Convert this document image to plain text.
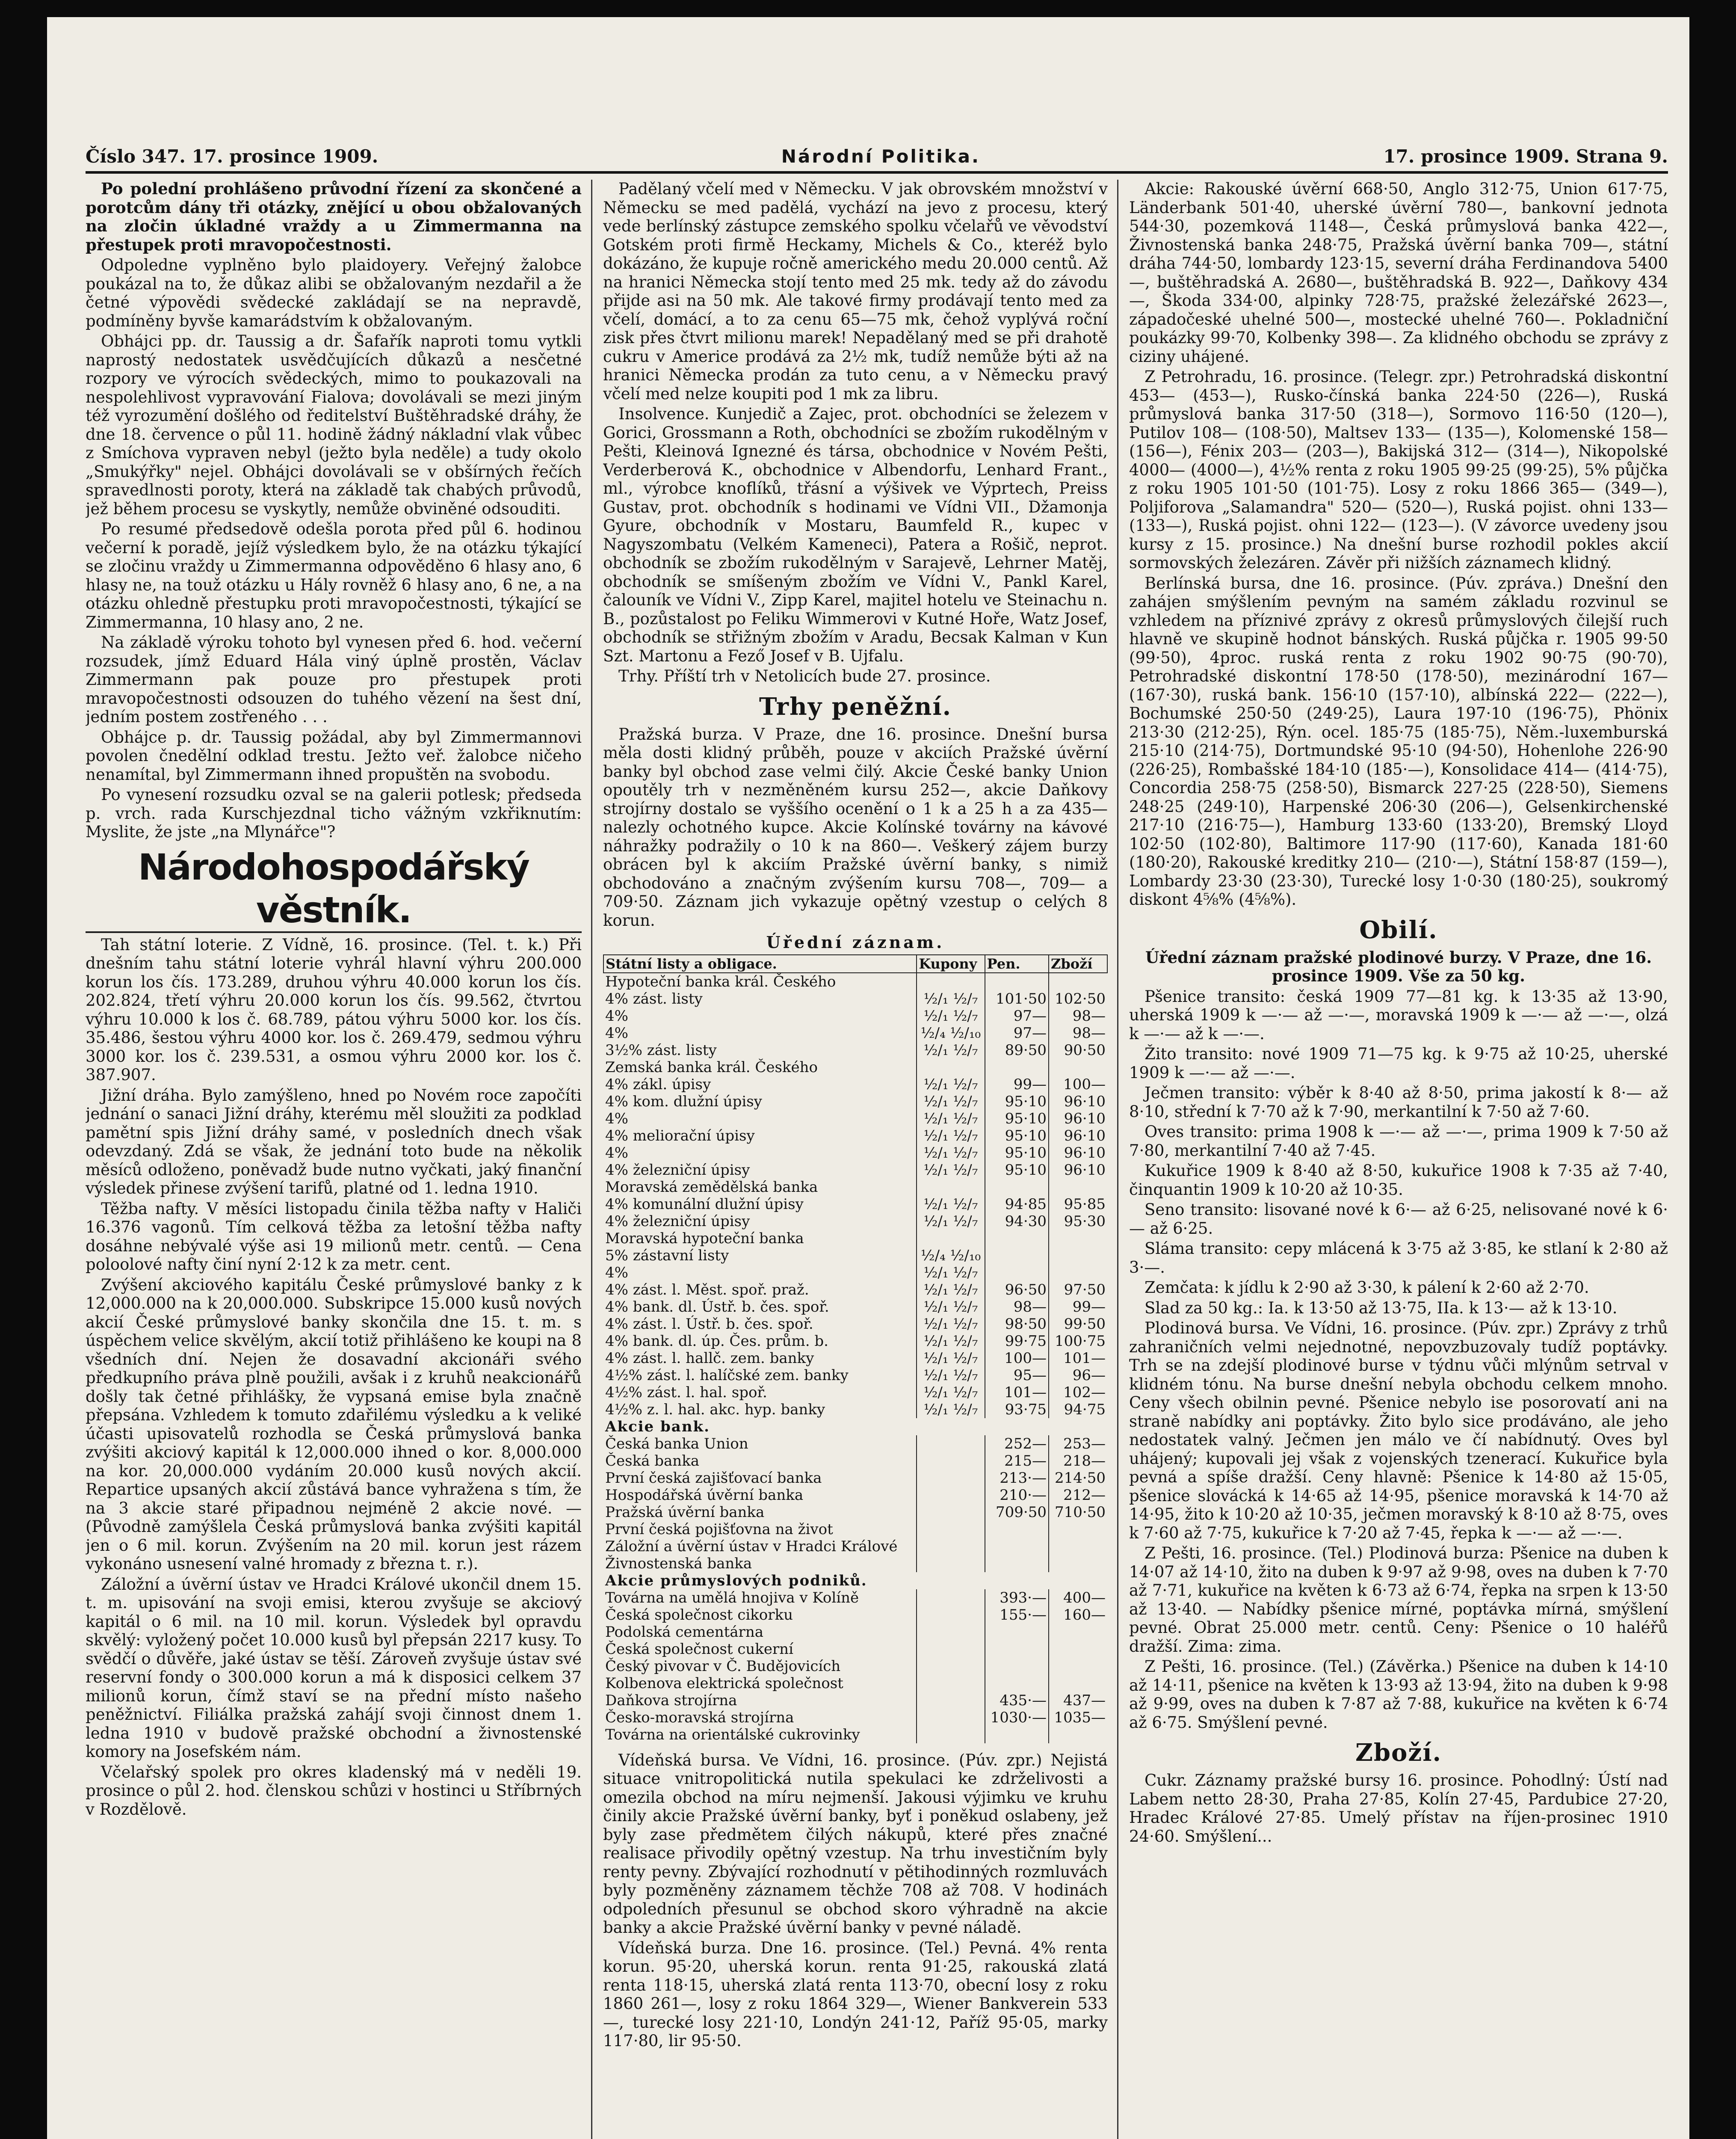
Číslo 347. 17. prosince 1909.	Národní Politika.	17. prosince 1909. Strana 9.

Po polední prohlášeno průvodní řízení za skončené a porotcům dány tři otázky, znějící u obou obžalovaných na zločin úkladné vraždy a u Zimmermanna na přestupek proti mravopočestnosti.

Odpoledne vyplněno bylo plaidoyery. Veřejný žalobce poukázal na to, že důkaz alibi se obžalovaným nezdařil a že četné výpovědi svědecké zakládají se na nepravdě, podmíněny byvše kamarádstvím k obžalovaným.

Obhájci pp. dr. Taussig a dr. Šafařík naproti tomu vytkli naprostý nedostatek usvědčujících důkazů a nesčetné rozpory ve výrocích svědeckých, mimo to poukazovali na nespolehlivost vypravování Fialova; dovolávali se mezi jiným též vyrozumění došlého od ředitelství Buštěhradské dráhy, že dne 18. července o půl 11. hodině žádný nákladní vlak vůbec z Smíchova vypraven nebyl (ježto byla neděle) a tudy okolo „Smukýřky" nejel. Obhájci dovolávali se v obšírných řečích spravedlnosti poroty, která na základě tak chabých průvodů, jež během procesu se vyskytly, nemůže obviněné odsouditi.

Po resumé předsedově odešla porota před půl 6. hodinou večerní k poradě, jejíž výsledkem bylo, že na otázku týkající se zločinu vraždy u Zimmermanna odpověděno 6 hlasy ano, 6 hlasy ne, na touž otázku u Hály rovněž 6 hlasy ano, 6 ne, a na otázku ohledně přestupku proti mravopočestnosti, týkající se Zimmermanna, 10 hlasy ano, 2 ne.

Na základě výroku tohoto byl vynesen před 6. hod. večerní rozsudek, jímž Eduard Hála viný úplně prostěn, Václav Zimmermann pak pouze pro přestupek proti mravopočestnosti odsouzen do tuhého vězení na šest dní, jedním postem zostřeného . . .

Obhájce p. dr. Taussig požádal, aby byl Zimmermannovi povolen čnedělní odklad trestu. Ježto veř. žalobce ničeho nenamítal, byl Zimmermann ihned propuštěn na svobodu.

Po vynesení rozsudku ozval se na galerii potlesk; předseda p. vrch. rada Kurschjezdnal ticho vážným vzkřiknutím: Myslite, že jste „na Mlynářce"?

Národohospodářský věstník.

Tah státní loterie. Z Vídně, 16. prosince. (Tel. t. k.) Při dnešním tahu státní loterie vyhrál hlavní výhru 200.000 korun los čís. 173.289, druhou výhru 40.000 korun los čís. 202.824, třetí výhru 20.000 korun los čís. 99.562, čtvrtou výhru 10.000 k los č. 68.789, pátou výhru 5000 kor. los čís. 35.486, šestou výhru 4000 kor. los č. 269.479, sedmou výhru 3000 kor. los č. 239.531, a osmou výhru 2000 kor. los č. 387.907.

Jižní dráha. Bylo zamýšleno, hned po Novém roce započíti jednání o sanaci Jižní dráhy, kterému měl sloužiti za podklad pamětní spis Jižní dráhy samé, v posledních dnech však odevzdaný. Zdá se však, že jednání toto bude na několik měsíců odloženo, poněvadž bude nutno vyčkati, jaký finanční výsledek přinese zvýšení tarifů, platné od 1. ledna 1910.

Těžba nafty. V měsíci listopadu činila těžba nafty v Haliči 16.376 vagonů. Tím celková těžba za letošní těžba nafty dosáhne nebývalé výše asi 19 milionů metr. centů. — Cena poloolové nafty činí nyní 2·12 k za metr. cent.

Zvýšení akciového kapitálu České průmyslové banky z k 12,000.000 na k 20,000.000. Subskripce 15.000 kusů nových akcií České průmyslové banky skončila dne 15. t. m. s úspěchem velice skvělým, akcií totiž přihlášeno ke koupi na 8 všedních dní. Nejen že dosavadní akcionáři svého předkupního práva plně použili, avšak i z kruhů neakcionářů došly tak četné přihlášky, že vypsaná emise byla značně přepsána. Vzhledem k tomuto zdařilému výsledku a k veliké účasti upisovatelů rozhodla se Česká průmyslová banka zvýšiti akciový kapitál k 12,000.000 ihned o kor. 8,000.000 na kor. 20,000.000 vydáním 20.000 kusů nových akcií. Repartice upsaných akcií zůstává bance vyhražena s tím, že na 3 akcie staré připadnou nejméně 2 akcie nové. — (Původně zamýšlela Česká průmyslová banka zvýšiti kapitál jen o 6 mil. korun. Zvýšením na 20 mil. korun jest rázem vykonáno usnesení valné hromady z března t. r.).

Záložní a úvěrní ústav ve Hradci Králové ukončil dnem 15. t. m. upisování na svoji emisi, kterou zvyšuje se akciový kapitál o 6 mil. na 10 mil. korun. Výsledek byl opravdu skvělý: vyložený počet 10.000 kusů byl přepsán 2217 kusy. To svědčí o důvěře, jaké ústav se těší. Zároveň zvyšuje ústav své reservní fondy o 300.000 korun a má k disposici celkem 37 milionů korun, čímž staví se na přední místo našeho peněžnictví. Filiálka pražská zahájí svoji činnost dnem 1. ledna 1910 v budově pražské obchodní a živnostenské komory na Josefském nám.

Včelařský spolek pro okres kladenský má v neděli 19. prosince o půl 2. hod. členskou schůzi v hostinci u Stříbrných v Rozdělově.

Padělaný včelí med v Německu. V jak obrovském množství v Německu se med padělá, vychází na jevo z procesu, který vede berlínský zástupce zemského spolku včelařů ve věvodství Gotském proti firmě Heckamy, Michels & Co., kteréž bylo dokázáno, že kupuje ročně amerického medu 20.000 centů. Až na hranici Německa stojí tento med 25 mk. tedy až do závodu přijde asi na 50 mk. Ale takové firmy prodávají tento med za včelí, domácí, a to za cenu 65—75 mk, čehož vyplývá roční zisk přes čtvrt milionu marek! Nepadělaný med se při drahotě cukru v Americe prodává za 2½ mk, tudíž nemůže býti až na hranici Německa prodán za tuto cenu, a v Německu pravý včelí med nelze koupiti pod 1 mk za libru.

Insolvence. Kunjedič a Zajec, prot. obchodníci se železem v Gorici, Grossmann a Roth, obchodníci se zbožím rukodělným v Pešti, Kleinová Ignezné és társa, obchodnice v Novém Pešti, Verderberová K., obchodnice v Albendorfu, Lenhard Frant., ml., výrobce knoflíků, třásní a výšivek ve Výprtech, Preiss Gustav, prot. obchodník s hodinami ve Vídni VII., Džamonja Gyure, obchodník v Mostaru, Baumfeld R., kupec v Nagyszombatu (Velkém Kameneci), Patera a Rošič, neprot. obchodník se zbožím rukodělným v Sarajevě, Lehrner Matěj, obchodník se smíšeným zbožím ve Vídni V., Pankl Karel, čalouník ve Vídni V., Zipp Karel, majitel hotelu ve Steinachu n. B., pozůstalost po Feliku Wimmerovi v Kutné Hoře, Watz Josef, obchodník se střižným zbožím v Aradu, Becsak Kalman v Kun Szt. Martonu a Fező Josef v B. Ujfalu.

Trhy. Příští trh v Netolicích bude 27. prosince.

Trhy peněžní.

Pražská burza. V Praze, dne 16. prosince. Dnešní bursa měla dosti klidný průběh, pouze v akciích Pražské úvěrní banky byl obchod zase velmi čilý. Akcie České banky Union opoutěly trh v nezměněném kursu 252—, akcie Daňkovy strojírny dostalo se vyššího ocenění o 1 k a 25 h a za 435— nalezly ochotného kupce. Akcie Kolínské továrny na kávové náhražky podražily o 10 k na 860—. Veškerý zájem burzy obrácen byl k akciím Pražské úvěrní banky, s nimiž obchodováno a značným zvýšením kursu 708—, 709— a 709·50. Záznam jich vykazuje opětný vzestup o celých 8 korun.

Úřední záznam.
Státní listy a obligace.	Kupony	Pen.	Zboží
Hypoteční banka král. Českého			
4% zást. listy	½/₁ ½/₇	101·50	102·50
4%	½/₁ ½/₇	97—	98—
4%	½/₄ ½/₁₀	97—	98—
3½% zást. listy	½/₁ ½/₇	89·50	90·50
Zemská banka král. Českého			
4% zákl. úpisy	½/₁ ½/₇	99—	100—
4% kom. dlužní úpisy	½/₁ ½/₇	95·10	96·10
4%	½/₁ ½/₇	95·10	96·10
4% meliorační úpisy	½/₁ ½/₇	95·10	96·10
4%	½/₁ ½/₇	95·10	96·10
4% železniční úpisy	½/₁ ½/₇	95·10	96·10
Moravská zemědělská banka			
4% komunální dlužní úpisy	½/₁ ½/₇	94·85	95·85
4% železniční úpisy	½/₁ ½/₇	94·30	95·30
Moravská hypoteční banka			
5% zástavní listy	½/₄ ½/₁₀		
4%	½/₁ ½/₇		
4% zást. l. Měst. spoř. praž.	½/₁ ½/₇	96·50	97·50
4% bank. dl. Ústř. b. čes. spoř.	½/₁ ½/₇	98—	99—
4% zást. l. Ústř. b. čes. spoř.	½/₁ ½/₇	98·50	99·50
4% bank. dl. úp. Čes. prům. b.	½/₁ ½/₇	99·75	100·75
4% zást. l. hallč. zem. banky	½/₁ ½/₇	100—	101—
4½% zást. l. halíčské zem. banky	½/₁ ½/₇	95—	96—
4½% zást. l. hal. spoř.	½/₁ ½/₇	101—	102—
4½% z. l. hal. akc. hyp. banky	½/₁ ½/₇	93·75	94·75
Akcie bank.			
Česká banka Union		252—	253—
Česká banka		215—	218—
První česká zajišťovací banka		213·—	214·50
Hospodářská úvěrní banka		210·—	212—
Pražská úvěrní banka		709·50	710·50
První česká pojišťovna na život			
Záložní a úvěrní ústav v Hradci Králové			
Živnostenská banka			
Akcie průmyslových podniků.			
Továrna na umělá hnojiva v Kolíně		393·—	400—
Česká společnost cikorku		155·—	160—
Podolská cementárna			
Česká společnost cukerní			
Český pivovar v Č. Budějovicích			
Kolbenova elektrická společnost			
Daňkova strojírna		435·—	437—
Česko-moravská strojírna		1030·—	1035—
Továrna na orientálské cukrovinky			

Vídeňská bursa. Ve Vídni, 16. prosince. (Púv. zpr.) Nejistá situace vnitropolitická nutila spekulaci ke zdrželivosti a omezila obchod na míru nejmenší. Jakousi výjimku ve kruhu činily akcie Pražské úvěrní banky, byť i poněkud oslabeny, jež byly zase předmětem čilých nákupů, které přes značné realisace přivodily opětný vzestup. Na trhu investičním byly renty pevny. Zbývající rozhodnutí v pětihodinných rozmluvách byly pozměněny záznamem těchže 708 až 708. V hodinách odpoledních přesunul se obchod skoro výhradně na akcie banky a akcie Pražské úvěrní banky v pevné náladě.

Vídeňská burza. Dne 16. prosince. (Tel.) Pevná. 4% renta korun. 95·20, uherská korun. renta 91·25, rakouská zlatá renta 118·15, uherská zlatá renta 113·70, obecní losy z roku 1860 261—, losy z roku 1864 329—, Wiener Bankverein 533—, turecké losy 221·10, Londýn 241·12, Paříž 95·05, marky 117·80, lir 95·50.

Akcie: Rakouské úvěrní 668·50, Anglo 312·75, Union 617·75, Länderbank 501·40, uherské úvěrní 780—, bankovní jednota 544·30, pozemková 1148—, Česká průmyslová banka 422—, Živnostenská banka 248·75, Pražská úvěrní banka 709—, státní dráha 744·50, lombardy 123·15, severní dráha Ferdinandova 5400—, buštěhradská A. 2680—, buštěhradská B. 922—, Daňkovy 434—, Škoda 334·00, alpinky 728·75, pražské železářské 2623—, západočeské uhelné 500—, mostecké uhelné 760—. Pokladniční poukázky 99·70, Kolbenky 398—. Za klidného obchodu se zprávy z ciziny uhájené.

Z Petrohradu, 16. prosince. (Telegr. zpr.) Petrohradská diskontní 453— (453—), Rusko-čínská banka 224·50 (226—), Ruská průmyslová banka 317·50 (318—), Sormovo 116·50 (120—), Putilov 108— (108·50), Maltsev 133— (135—), Kolomenské 158— (156—), Fénix 203— (203—), Bakijská 312— (314—), Nikopolské 4000— (4000—), 4½% renta z roku 1905 99·25 (99·25), 5% půjčka z roku 1905 101·50 (101·75). Losy z roku 1866 365— (349—), Poljiforova „Salamandra" 520— (520—), Ruská pojist. ohni 133— (133—), Ruská pojist. ohni 122— (123—). (V závorce uvedeny jsou kursy z 15. prosince.) Na dnešní burse rozhodil pokles akcií sormovských železáren. Závěr při nižších záznamech klidný.

Berlínská bursa, dne 16. prosince. (Púv. zpráva.) Dnešní den zahájen smýšlením pevným na samém základu rozvinul se vzhledem na příznivé zprávy z okresů průmyslových čilejší ruch hlavně ve skupině hodnot bánských. Ruská půjčka r. 1905 99·50 (99·50), 4proc. ruská renta z roku 1902 90·75 (90·70), Petrohradské diskontní 178·50 (178·50), mezinárodní 167— (167·30), ruská bank. 156·10 (157·10), albínská 222— (222—), Bochumské 250·50 (249·25), Laura 197·10 (196·75), Phönix 213·30 (212·25), Rýn. ocel. 185·75 (185·75), Něm.-luxemburská 215·10 (214·75), Dortmundské 95·10 (94·50), Hohenlohe 226·90 (226·25), Rombašské 184·10 (185·—), Konsolidace 414— (414·75), Concordia 258·75 (258·50), Bismarck 227·25 (228·50), Siemens 248·25 (249·10), Harpenské 206·30 (206—), Gelsenkirchenské 217·10 (216·75—), Hamburg 133·60 (133·20), Bremský Lloyd 102·50 (102·80), Baltimore 117·90 (117·60), Kanada 181·60 (180·20), Rakouské kreditky 210— (210·—), Státní 158·87 (159—), Lombardy 23·30 (23·30), Turecké losy 1·0·30 (180·25), soukromý diskont 4⅝% (4⅝%).

Obilí.

Úřední záznam pražské plodinové burzy. V Praze, dne 16. prosince 1909. Vše za 50 kg.

Pšenice transito: česká 1909 77—81 kg. k 13·35 až 13·90, uherská 1909 k —·— až —·—, moravská 1909 k —·— až —·—, olzá k —·— až k —·—.

Žito transito: nové 1909 71—75 kg. k 9·75 až 10·25, uherské 1909 k —·— až —·—.

Ječmen transito: výběr k 8·40 až 8·50, prima jakostí k 8·— až 8·10, střední k 7·70 až k 7·90, merkantilní k 7·50 až 7·60.

Oves transito: prima 1908 k —·— až —·—, prima 1909 k 7·50 až 7·80, merkantilní 7·40 až 7·45.

Kukuřice 1909 k 8·40 až 8·50, kukuřice 1908 k 7·35 až 7·40, činquantin 1909 k 10·20 až 10·35.

Seno transito: lisované nové k 6·— až 6·25, nelisované nové k 6·— až 6·25.

Sláma transito: cepy mlácená k 3·75 až 3·85, ke stlaní k 2·80 až 3·—.

Zemčata: k jídlu k 2·90 až 3·30, k pálení k 2·60 až 2·70.

Slad za 50 kg.: Ia. k 13·50 až 13·75, IIa. k 13·— až k 13·10.

Plodinová bursa. Ve Vídni, 16. prosince. (Púv. zpr.) Zprávy z trhů zahraničních velmi nejednotné, nepovzbuzovaly tudíž poptávky. Trh se na zdejší plodinové burse v týdnu vůči mlýnům setrval v klidném tónu. Na burse dnešní nebyla obchodu celkem mnoho. Ceny všech obilnin pevné. Pšenice nebylo ise posorovatí ani na straně nabídky ani poptávky. Žito bylo sice prodáváno, ale jeho nedostatek valný. Ječmen jen málo ve čí nabídnutý. Oves byl uhájený; kupovali jej však z vojenských tzenerací. Kukuřice byla pevná a spíše dražší. Ceny hlavně: Pšenice k 14·80 až 15·05, pšenice slovácká k 14·65 až 14·95, pšenice moravská k 14·70 až 14·95, žito k 10·20 až 10·35, ječmen moravský k 8·10 až 8·75, oves k 7·60 až 7·75, kukuřice k 7·20 až 7·45, řepka k —·— až —·—.

Z Pešti, 16. prosince. (Tel.) Plodinová burza: Pšenice na duben k 14·07 až 14·10, žito na duben k 9·97 až 9·98, oves na duben k 7·70 až 7·71, kukuřice na květen k 6·73 až 6·74, řepka na srpen k 13·50 až 13·40. — Nabídky pšenice mírné, poptávka mírná, smýšlení pevné. Obrat 25.000 metr. centů. Ceny: Pšenice o 10 haléřů dražší. Zima: zima.

Z Pešti, 16. prosince. (Tel.) (Závěrka.) Pšenice na duben k 14·10 až 14·11, pšenice na květen k 13·93 až 13·94, žito na duben k 9·98 až 9·99, oves na duben k 7·87 až 7·88, kukuřice na květen k 6·74 až 6·75. Smýšlení pevné.

Zboží.

Cukr. Záznamy pražské bursy 16. prosince. Pohodlný: Ústí nad Labem netto 28·30, Praha 27·85, Kolín 27·45, Pardubice 27·20, Hradec Králové 27·85. Umelý přístav na říjen-prosinec 1910 24·60. Smýšlení...
